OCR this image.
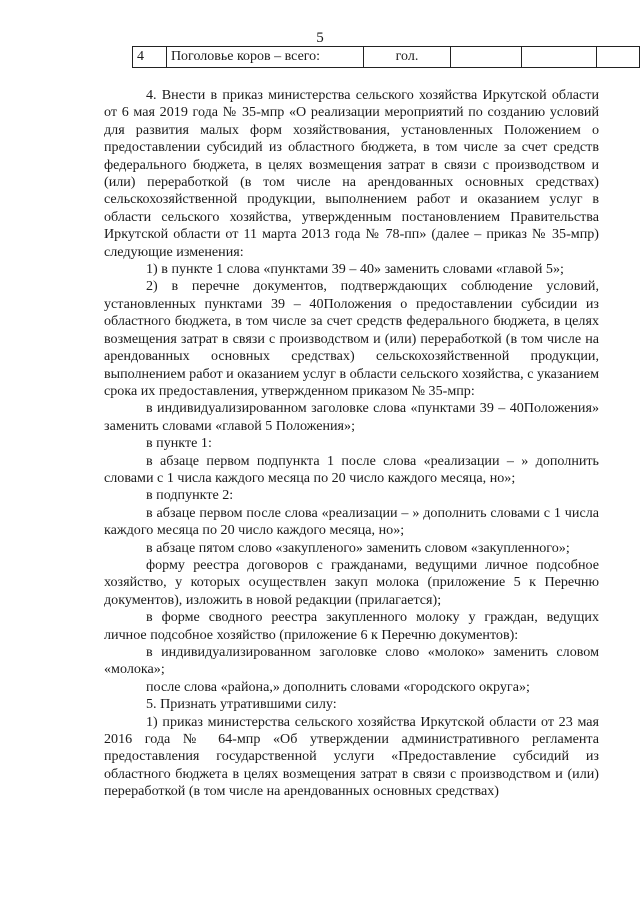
5
4	Поголовье коров – всего:	гол.			

4. Внести в приказ министерства сельского хозяйства Иркутской области от 6 мая 2019 года № 35-мпр «О реализации мероприятий по созданию условий для развития малых форм хозяйствования, установленных Положением о предоставлении субсидий из областного бюджета, в том числе за счет средств федерального бюджета, в целях возмещения затрат в связи с производством и (или) переработкой (в том числе на арендованных основных средствах) сельскохозяйственной продукции, выполнением работ и оказанием услуг в области сельского хозяйства, утвержденным постановлением Правительства Иркутской области от 11 марта 2013 года № 78-пп» (далее – приказ № 35-мпр) следующие изменения:

1) в пункте 1 слова «пунктами 39 – 40» заменить словами «главой 5»;

2) в перечне документов, подтверждающих соблюдение условий, установленных пунктами 39 – 40Положения о предоставлении субсидии из областного бюджета, в том числе за счет средств федерального бюджета, в целях возмещения затрат в связи с производством и (или) переработкой (в том числе на арендованных основных средствах) сельскохозяйственной продукции, выполнением работ и оказанием услуг в области сельского хозяйства, с указанием срока их предоставления, утвержденном приказом № 35-мпр:

в индивидуализированном заголовке слова «пунктами 39 – 40Положения» заменить словами «главой 5 Положения»;

в пункте 1:

в абзаце первом подпункта 1 после слова «реализации – » дополнить словами с 1 числа каждого месяца по 20 число каждого месяца, но»;

в подпункте 2:

в абзаце первом после слова «реализации – » дополнить словами с 1 числа каждого месяца по 20 число каждого месяца, но»;

в абзаце пятом слово «закуплeного» заменить словом «закупленного»;

форму реестра договоров с гражданами, ведущими личное подсобное хозяйство, у которых осуществлен закуп молока (приложение 5 к Перечню документов), изложить в новой редакции (прилагается);

в форме сводного реестра закупленного молоку у граждан, ведущих личное подсобное хозяйство (приложение 6 к Перечню документов):

в индивидуализированном заголовке слово «молоко» заменить словом «молока»;

после слова «района,» дополнить словами «городского округа»;

5. Признать утратившими силу:

1) приказ министерства сельского хозяйства Иркутской области от 23 мая 2016 года № 64-мпр «Об утверждении административного регламента предоставления государственной услуги «Предоставление субсидий из областного бюджета в целях возмещения затрат в связи с производством и (или) переработкой (в том числе на арендованных основных средствах)
